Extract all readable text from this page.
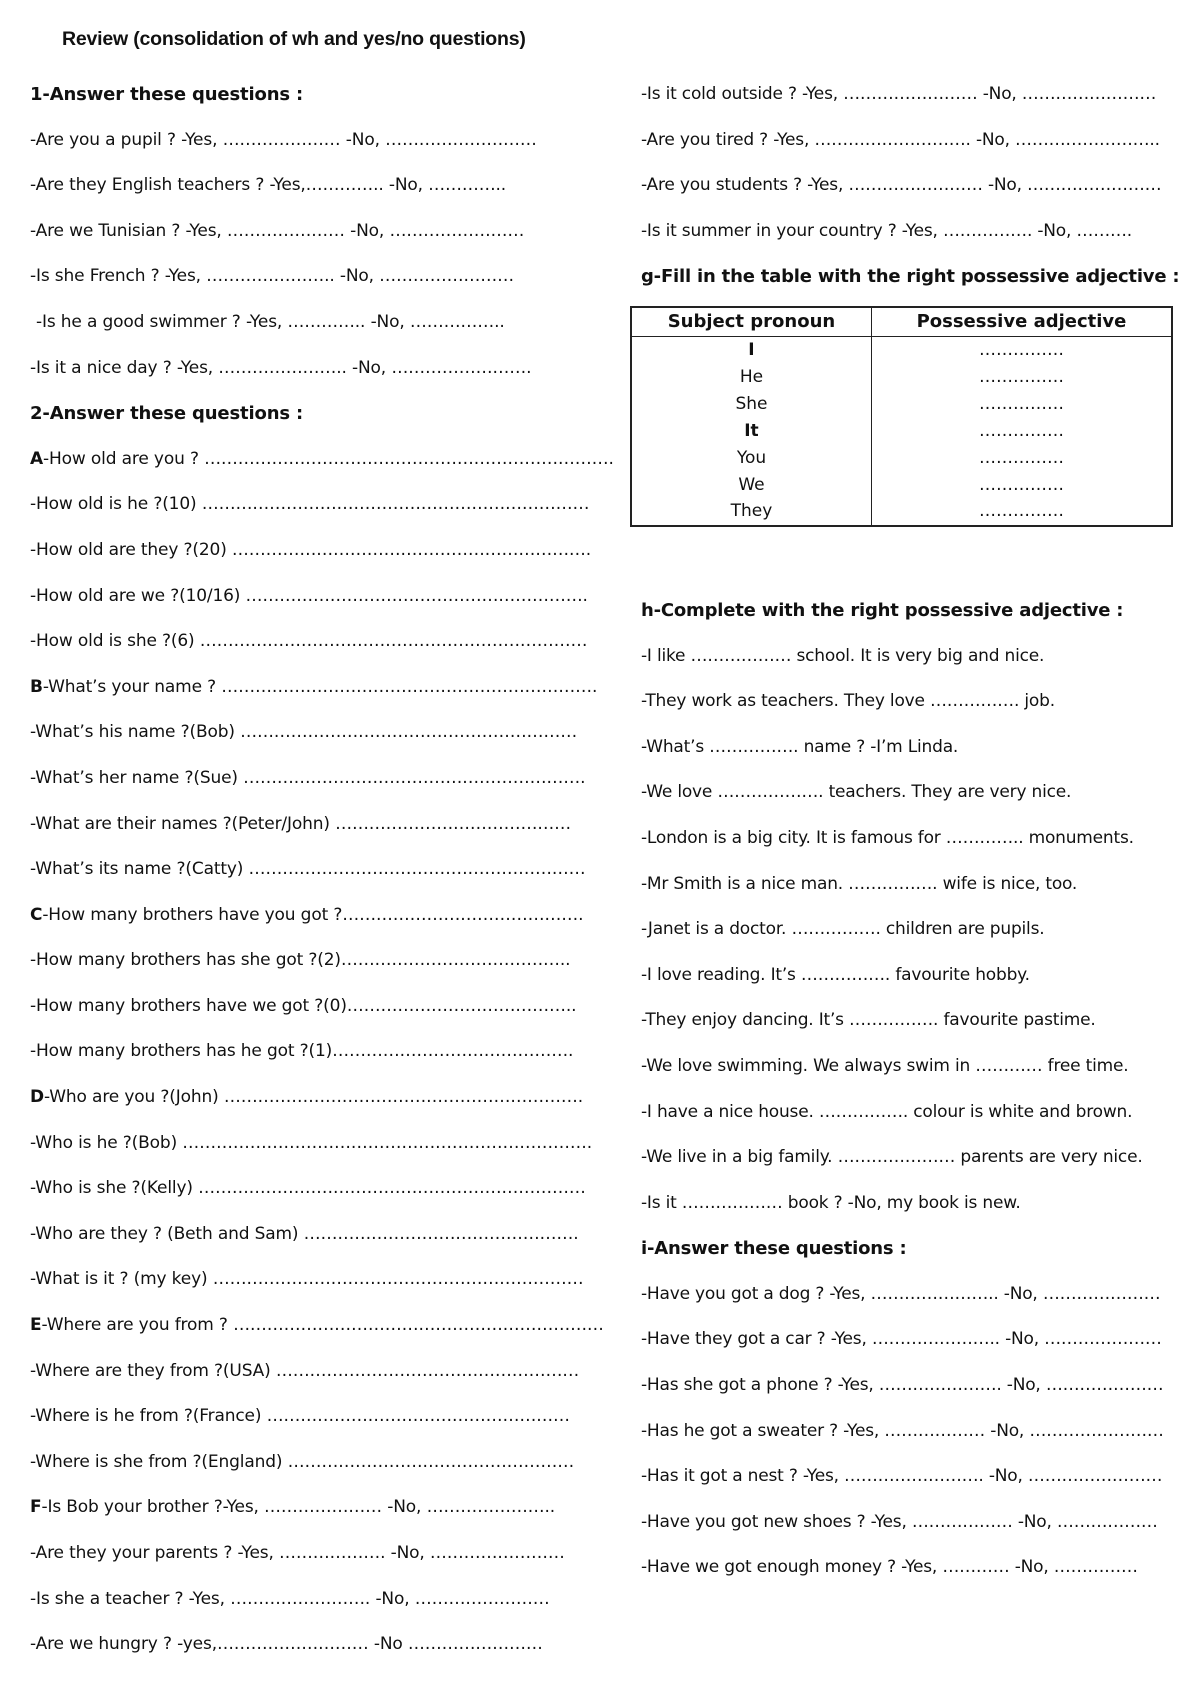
Review (consolidation of wh and yes/no questions)
1-Answer these questions :
-Are you a pupil ? -Yes, ………………… -No, ………………………
-Are they English teachers ? -Yes,………….. -No, …………..
-Are we Tunisian ? -Yes, ………………… -No, ……………………
-Is she French ? -Yes, ………………….. -No, ……………………
-Is he a good swimmer ? -Yes, ………….. -No, ……………..
-Is it a nice day ? -Yes, ………………….. -No, …………………….
2-Answer these questions :
A-How old are you ? ……………………………………………………………….
-How old is he ?(10) ……………………………………………………………
-How old are they ?(20) ……………………………………………………….
-How old are we ?(10/16) …………………………………………………….
-How old is she ?(6) ……………………………………………………………
B-What’s your name ? ………………………………………………………….
-What’s his name ?(Bob) ……………………………………………………
-What’s her name ?(Sue) …………………………………………………….
-What are their names ?(Peter/John) ……………………………………
-What’s its name ?(Catty) ……………………………………………………
C-How many brothers have you got ?…………………………………….
-How many brothers has she got ?(2)…………………………………..
-How many brothers have we got ?(0)…………………………………..
-How many brothers has he got ?(1)…………………………………….
D-Who are you ?(John) ……………………………………………………….
-Who is he ?(Bob) ……………………………………………………………….
-Who is she ?(Kelly) ……………………………………………………………
-Who are they ? (Beth and Sam) ………………………………………….
-What is it ? (my key) …………………………………………………………
E-Where are you from ? …………………………………………………………
-Where are they from ?(USA) ………………………………………………
-Where is he from ?(France) ………………………………………………
-Where is she from ?(England) ……………………………………………
F-Is Bob your brother ?-Yes, ………………… -No, …………………..
-Are they your parents ? -Yes, ………………. -No, ……………………
-Is she a teacher ? -Yes, ……………………. -No, ……………………
-Are we hungry ? -yes,……………………… -No ……………………
-Is it cold outside ? -Yes, …………………… -No, ……………………
-Are you tired ? -Yes, ………………………. -No, ……………………..
-Are you students ? -Yes, …………………… -No, ……………………
-Is it summer in your country ? -Yes, ……………. -No, ……….
g-Fill in the table with the right possessive adjective :
Subject pronoun	Possessive adjective
I	……………
He	……………
She	……………
It	……………
You	……………
We	……………
They	……………
h-Complete with the right possessive adjective :
-I like ……………… school. It is very big and nice.
-They work as teachers. They love ……………. job.
-What’s ……………. name ? -I’m Linda.
-We love ………………. teachers. They are very nice.
-London is a big city. It is famous for ………….. monuments.
-Mr Smith is a nice man. ……………. wife is nice, too.
-Janet is a doctor. ……………. children are pupils.
-I love reading. It’s ……………. favourite hobby.
-They enjoy dancing. It’s ……………. favourite pastime.
-We love swimming. We always swim in ………… free time.
-I have a nice house. ……………. colour is white and brown.
-We live in a big family. ………………… parents are very nice.
-Is it ……………… book ? -No, my book is new.
i-Answer these questions :
-Have you got a dog ? -Yes, ………………….. -No, …………………
-Have they got a car ? -Yes, ………………….. -No, …………………
-Has she got a phone ? -Yes, …………………. -No, …………………
-Has he got a sweater ? -Yes, ……………… -No, ……………………
-Has it got a nest ? -Yes, ……………………. -No, ……………………
-Have you got new shoes ? -Yes, ……………… -No, ………………
-Have we got enough money ? -Yes, ………… -No, ……………
